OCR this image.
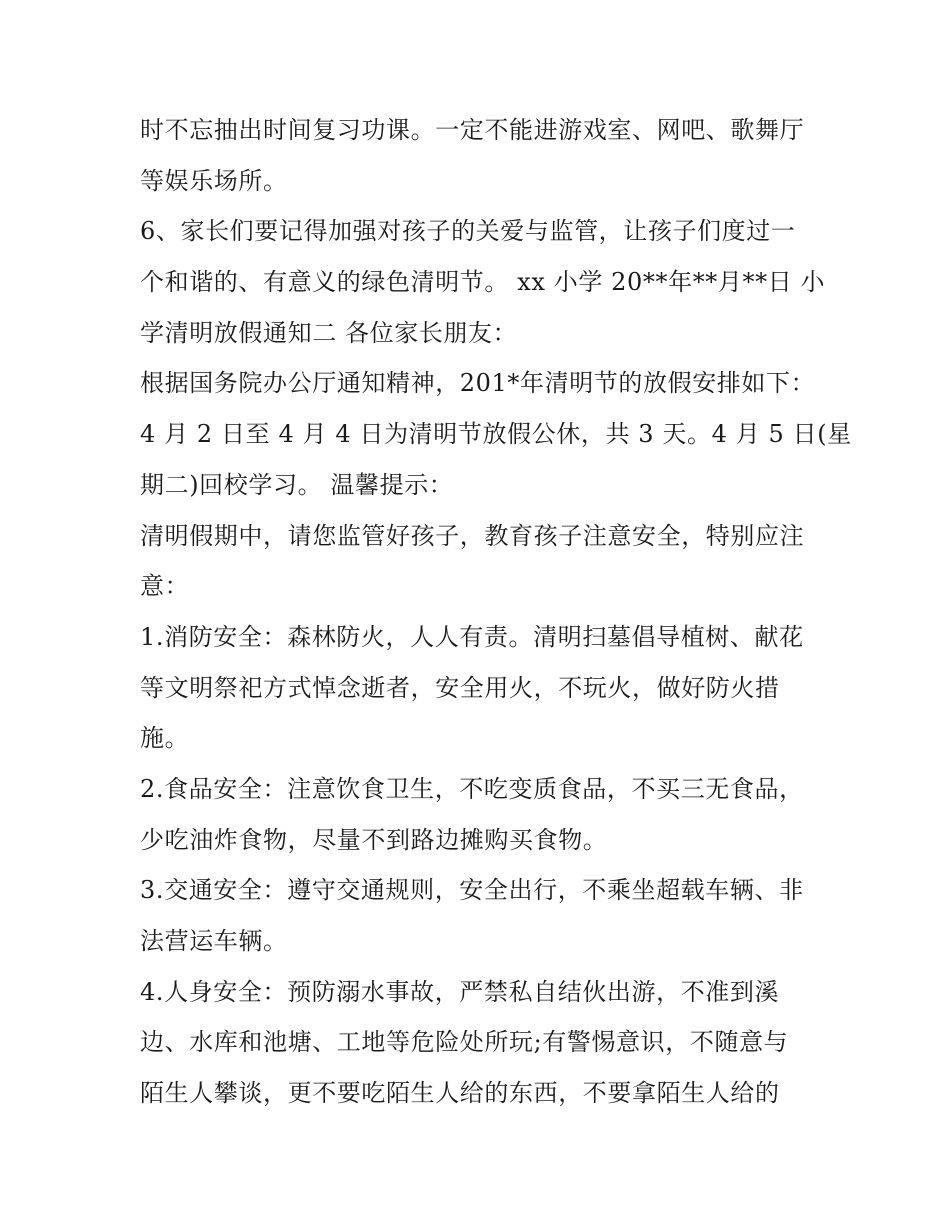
时不忘抽出时间复习功课。一定不能进游戏室、网吧、歌舞厅
等娱乐场所。
6、家长们要记得加强对孩子的关爱与监管，让孩子们度过一
个和谐的、有意义的绿色清明节。 xx 小学 20**年**月**日 小
学清明放假通知二 各位家长朋友：
根据国务院办公厅通知精神，201*年清明节的放假安排如下：
4 月 2 日至 4 月 4 日为清明节放假公休，共 3 天。4 月 5 日(星
期二)回校学习。 温馨提示：
清明假期中，请您监管好孩子，教育孩子注意安全，特别应注
意：
1.消防安全：森林防火，人人有责。清明扫墓倡导植树、献花
等文明祭祀方式悼念逝者，安全用火，不玩火，做好防火措
施。
2.食品安全：注意饮食卫生，不吃变质食品，不买三无食品，
少吃油炸食物，尽量不到路边摊购买食物。
3.交通安全：遵守交通规则，安全出行，不乘坐超载车辆、非
法营运车辆。
4.人身安全：预防溺水事故，严禁私自结伙出游，不准到溪
边、水库和池塘、工地等危险处所玩;有警惕意识，不随意与
陌生人攀谈，更不要吃陌生人给的东西，不要拿陌生人给的
